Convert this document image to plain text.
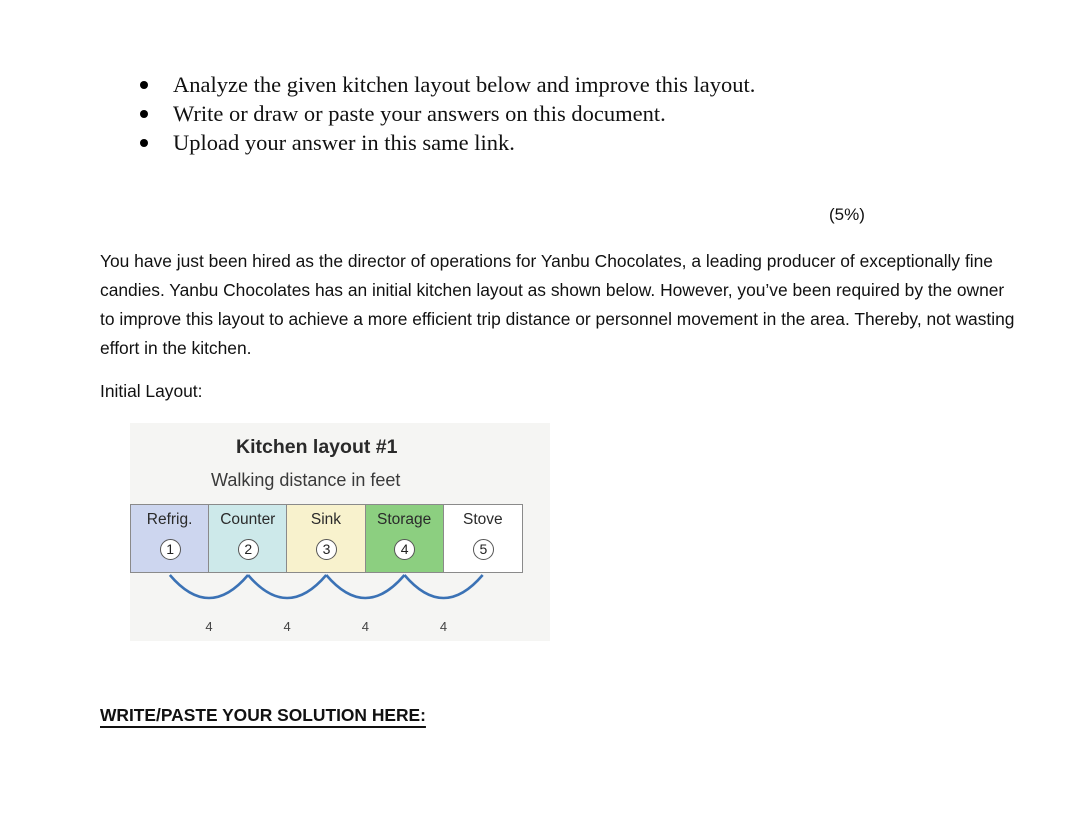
Analyze the given kitchen layout below and improve this layout.
Write or draw or paste your answers on this document.
Upload your answer in this same link.
(5%)

You have just been hired as the director of operations for Yanbu Chocolates, a leading producer of exceptionally fine candies. Yanbu Chocolates has an initial kitchen layout as shown below. However, you’ve been required by the owner to improve this layout to achieve a more efficient trip distance or personnel movement in the area. Thereby, not wasting effort in the kitchen.

Initial Layout:
Kitchen layout #1
Walking distance in feet
Refrig.
1
Counter
2
Sink
3
Storage
4
Stove
5
4	4	4	4
WRITE/PASTE YOUR SOLUTION HERE:
